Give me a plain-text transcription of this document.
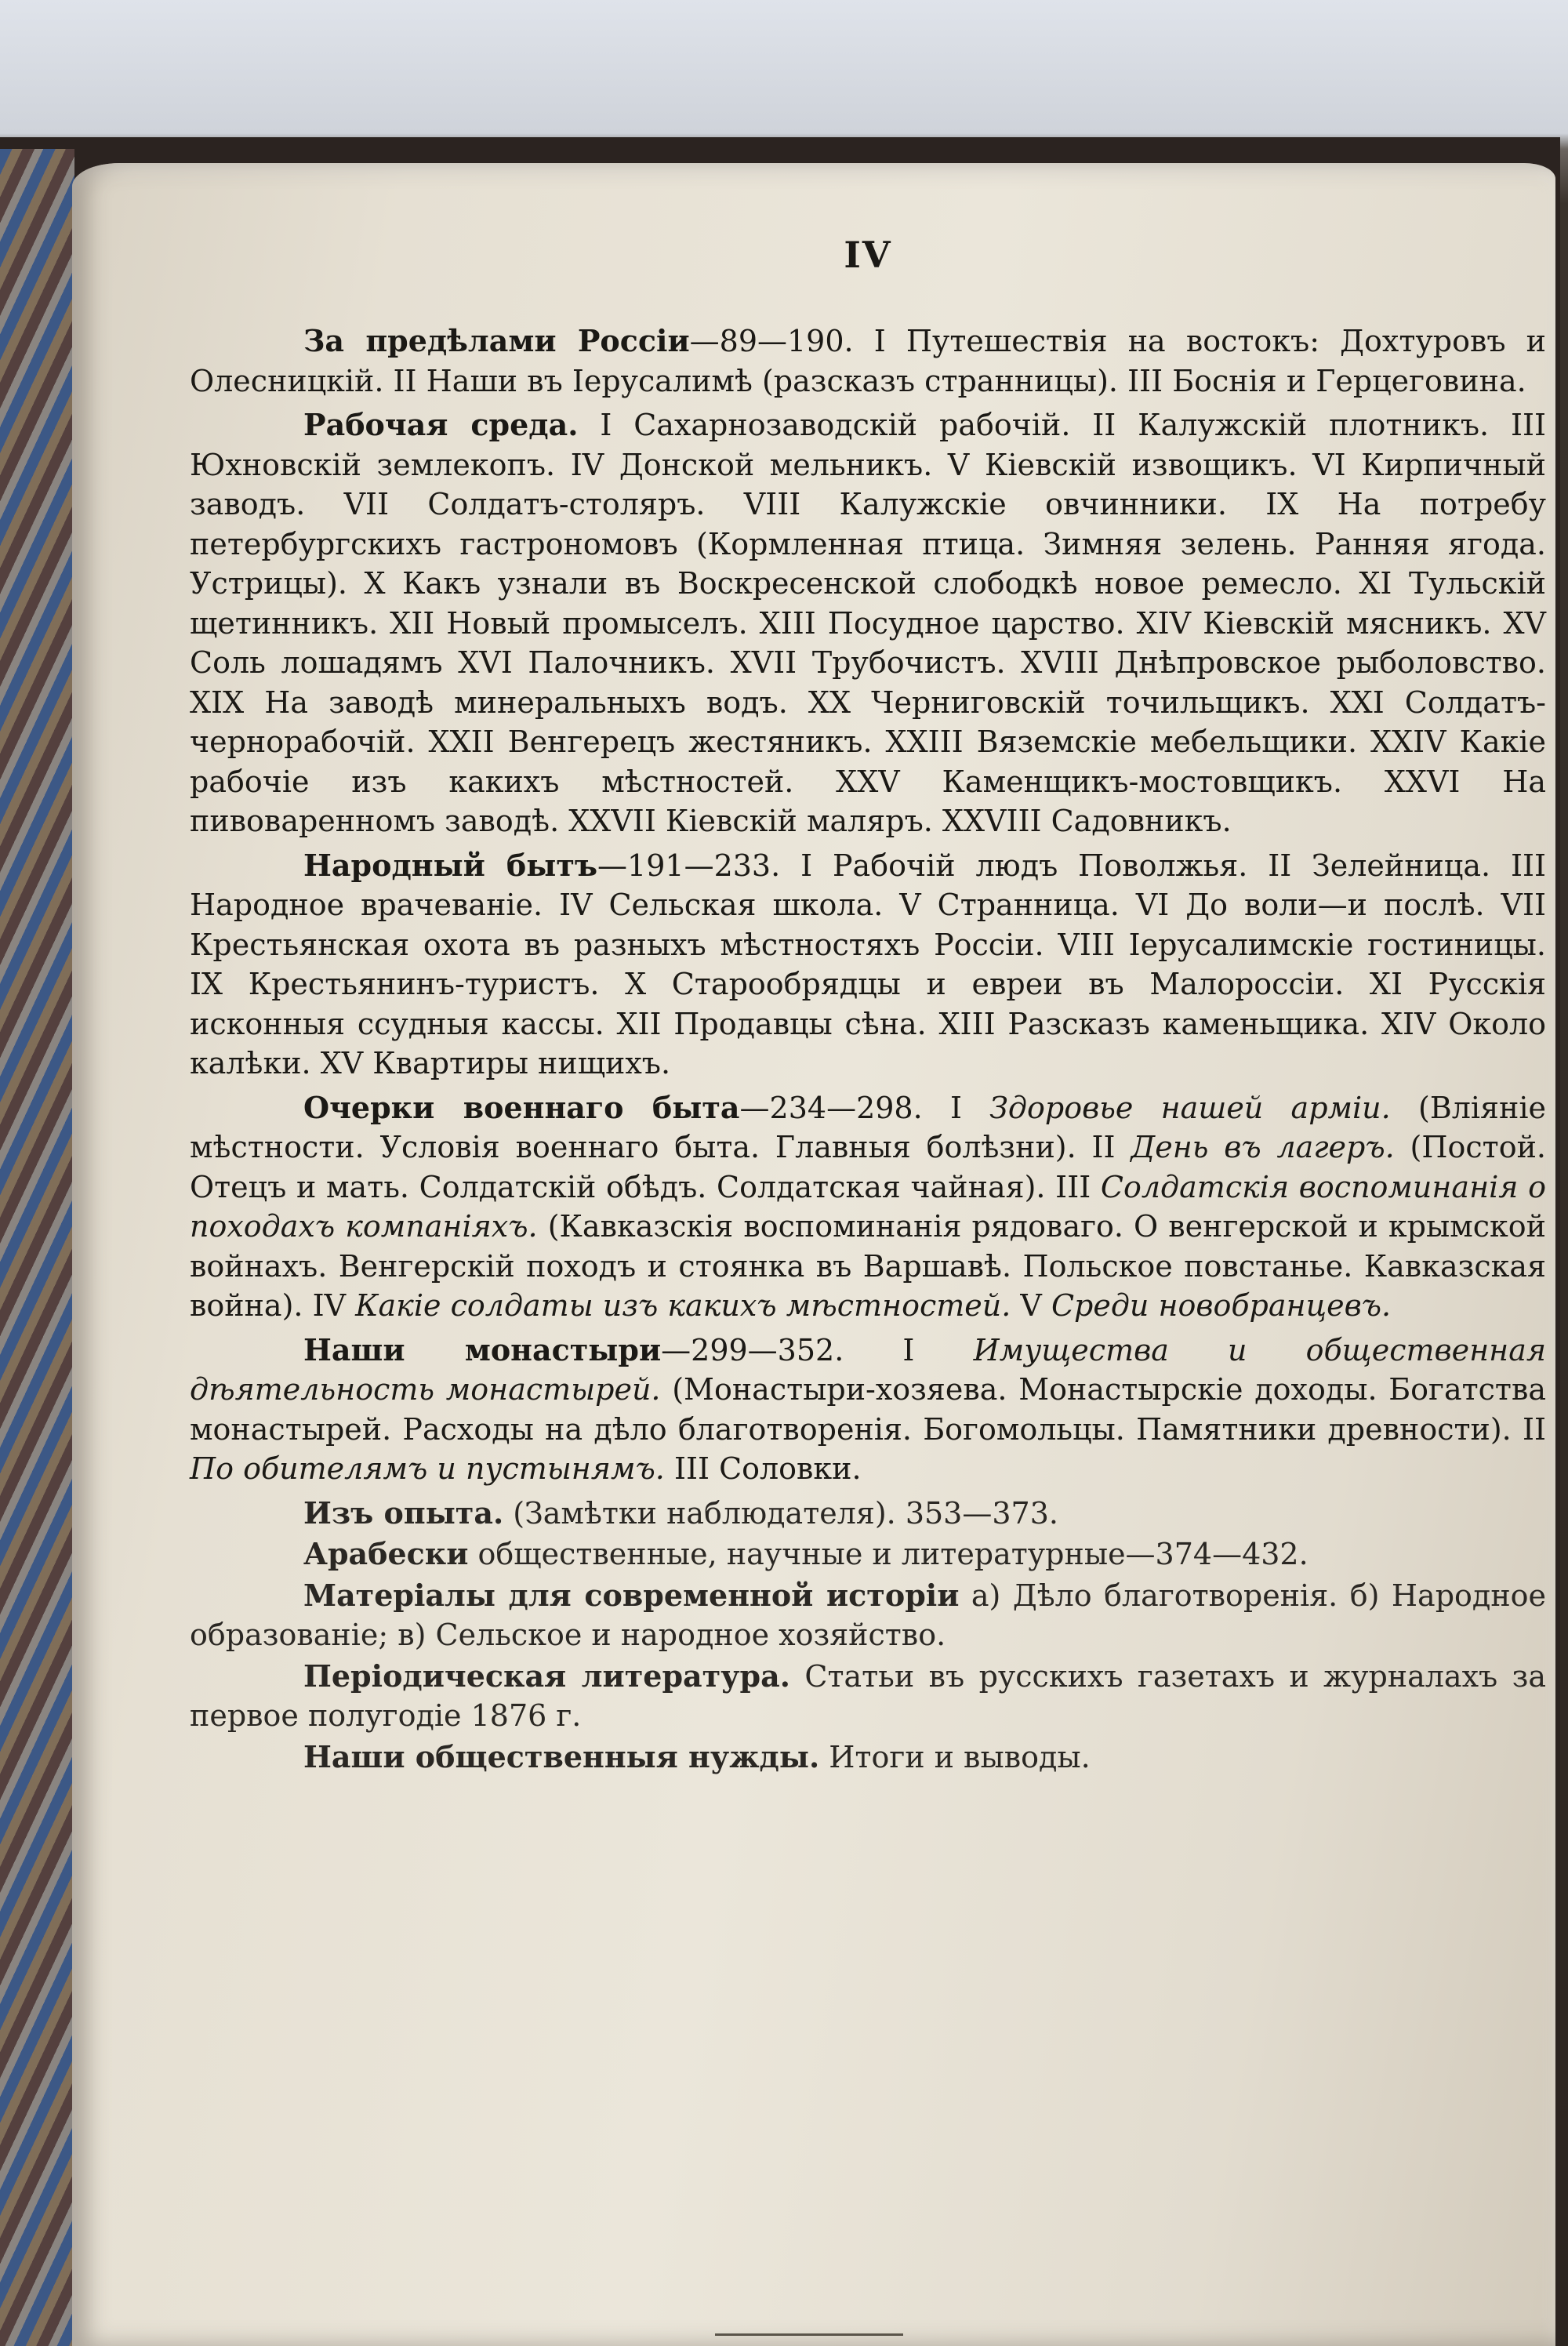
IV

За предѣлами Россіи—89—190. I Путешествія на востокъ: Дохтуровъ и Олесницкій. II Наши въ Іерусалимѣ (разсказъ странницы). III Боснія и Герцеговина.

Рабочая среда. I Сахарнозаводскій рабочій. II Калужскій плотникъ. III Юхновскій землекопъ. IV Донской мельникъ. V Кіевскій извощикъ. VI Кирпичный заводъ. VII Солдатъ-столяръ. VIII Калужскіе овчинники. IX На потребу петербургскихъ гастрономовъ (Кормленная птица. Зимняя зелень. Ранняя ягода. Устрицы). X Какъ узнали въ Воскресенской слободкѣ новое ремесло. XI Тульскій щетинникъ. XII Новый промыселъ. XIII Посудное царство. XIV Кіевскій мясникъ. XV Соль лошадямъ XVI Палочникъ. XVII Трубочистъ. XVIII Днѣпровское рыболовство. XIX На заводѣ минеральныхъ водъ. XX Черниговскій точильщикъ. XXI Солдатъ-чернорабочій. XXII Венгерецъ жестяникъ. XXIII Вяземскіе мебельщики. XXIV Какіе рабочіе изъ какихъ мѣстностей. XXV Каменщикъ-мостовщикъ. XXVI На пивоваренномъ заводѣ. XXVII Кіевскій маляръ. XXVIII Садовникъ.

Народный бытъ—191—233. I Рабочій людъ Поволжья. II Зелейница. III Народное врачеваніе. IV Сельская школа. V Странница. VI До воли—и послѣ. VII Крестьянская охота въ разныхъ мѣстностяхъ Россіи. VIII Іерусалимскіе гостиницы. IX Крестьянинъ-туристъ. X Старообрядцы и евреи въ Малороссіи. XI Русскія исконныя ссудныя кассы. XII Продавцы сѣна. XIII Разсказъ каменьщика. XIV Около калѣки. XV Квартиры нищихъ.

Очерки военнаго быта—234—298. I Здоровье нашей арміи. (Вліяніе мѣстности. Условія военнаго быта. Главныя болѣзни). II День въ лагеръ. (Постой. Отецъ и мать. Солдатскій обѣдъ. Солдатская чайная). III Солдатскія воспоминанія о походахъ компаніяхъ. (Кавказскія воспоминанія рядоваго. О венгерской и крымской войнахъ. Венгерскій походъ и стоянка въ Варшавѣ. Польское повстанье. Кавказская война). IV Какіе солдаты изъ какихъ мѣстностей. V Среди новобранцевъ.

Наши монастыри—299—352. I Имущества и общественная дѣятельность монастырей. (Монастыри-хозяева. Монастырскіе доходы. Богатства монастырей. Расходы на дѣло благотворенія. Богомольцы. Памятники древности). II По обителямъ и пустынямъ. III Соловки.

Изъ опыта. (Замѣтки наблюдателя). 353—373.

Арабески общественные, научные и литературные—374—432.

Матеріалы для современной исторіи а) Дѣло благотворенія. б) Народное образованіе; в) Сельское и народное хозяйство.

Періодическая литература. Статьи въ русскихъ газетахъ и журналахъ за первое полугодіе 1876 г.

Наши общественныя нужды. Итоги и выводы.
